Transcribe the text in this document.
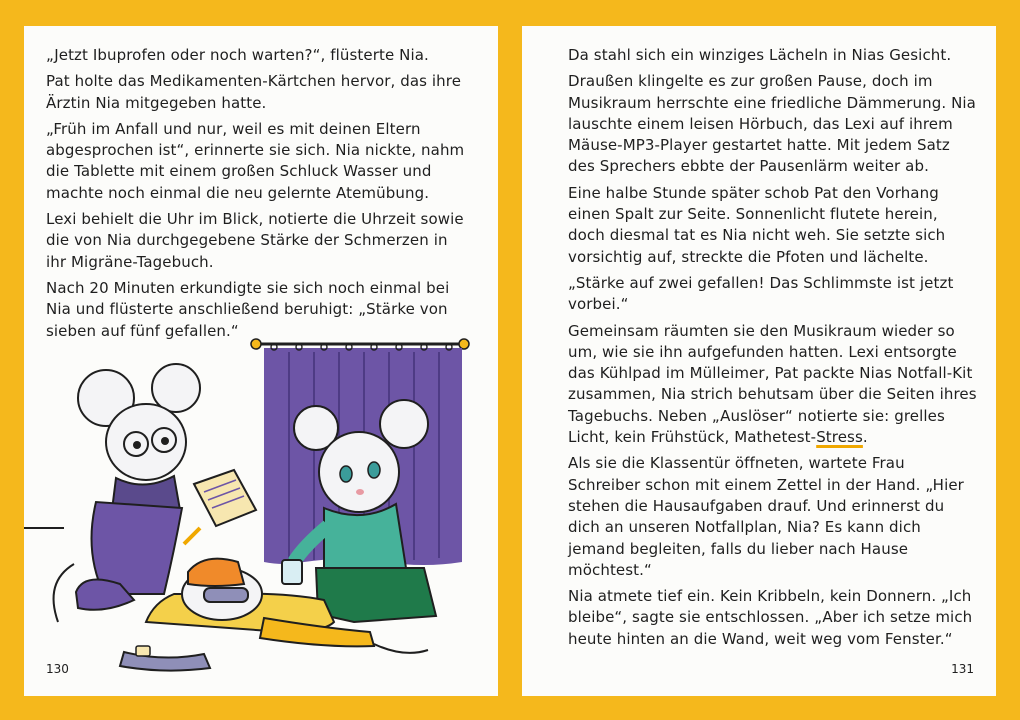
„Jetzt Ibuprofen oder noch warten?“, flüsterte Nia.

Pat holte das Medikamenten-Kärtchen hervor, das ihre Ärztin Nia mitgegeben hatte.

„Früh im Anfall und nur, weil es mit deinen Eltern abgesprochen ist“, erinnerte sie sich. Nia nickte, nahm die Tablette mit einem großen Schluck Wasser und machte noch einmal die neu gelernte Atemübung.

Lexi behielt die Uhr im Blick, notierte die Uhrzeit sowie die von Nia durchgegebene Stärke der Schmerzen in ihr Migräne-Tagebuch.

Nach 20 Minuten erkundigte sie sich noch einmal bei Nia und flüsterte anschließend beruhigt: „Stärke von sieben auf fünf gefallen.“

130

Da stahl sich ein winziges Lächeln in Nias Gesicht.

Draußen klingelte es zur großen Pause, doch im Musikraum herrschte eine friedliche Dämmerung. Nia lauschte einem leisen Hörbuch, das Lexi auf ihrem Mäuse-MP3-Player gestartet hatte. Mit jedem Satz des Sprechers ebbte der Pausenlärm weiter ab.

Eine halbe Stunde später schob Pat den Vorhang einen Spalt zur Seite. Sonnenlicht flutete herein, doch diesmal tat es Nia nicht weh. Sie setzte sich vorsichtig auf, streckte die Pfoten und lächelte.

„Stärke auf zwei gefallen! Das Schlimmste ist jetzt vorbei.“

Gemeinsam räumten sie den Musikraum wieder so um, wie sie ihn aufgefunden hatten. Lexi entsorgte das Kühlpad im Mülleimer, Pat packte Nias Notfall-Kit zusammen, Nia strich behutsam über die Seiten ihres Tagebuchs. Neben „Auslöser“ notierte sie: grelles Licht, kein Frühstück, Mathetest-Stress.

Als sie die Klassentür öffneten, wartete Frau Schreiber schon mit einem Zettel in der Hand. „Hier stehen die Hausaufgaben drauf. Und erinnerst du dich an unseren Notfallplan, Nia? Es kann dich jemand begleiten, falls du lieber nach Hause möchtest.“

Nia atmete tief ein. Kein Kribbeln, kein Donnern. „Ich bleibe“, sagte sie entschlossen. „Aber ich setze mich heute hinten an die Wand, weit weg vom Fenster.“

131
